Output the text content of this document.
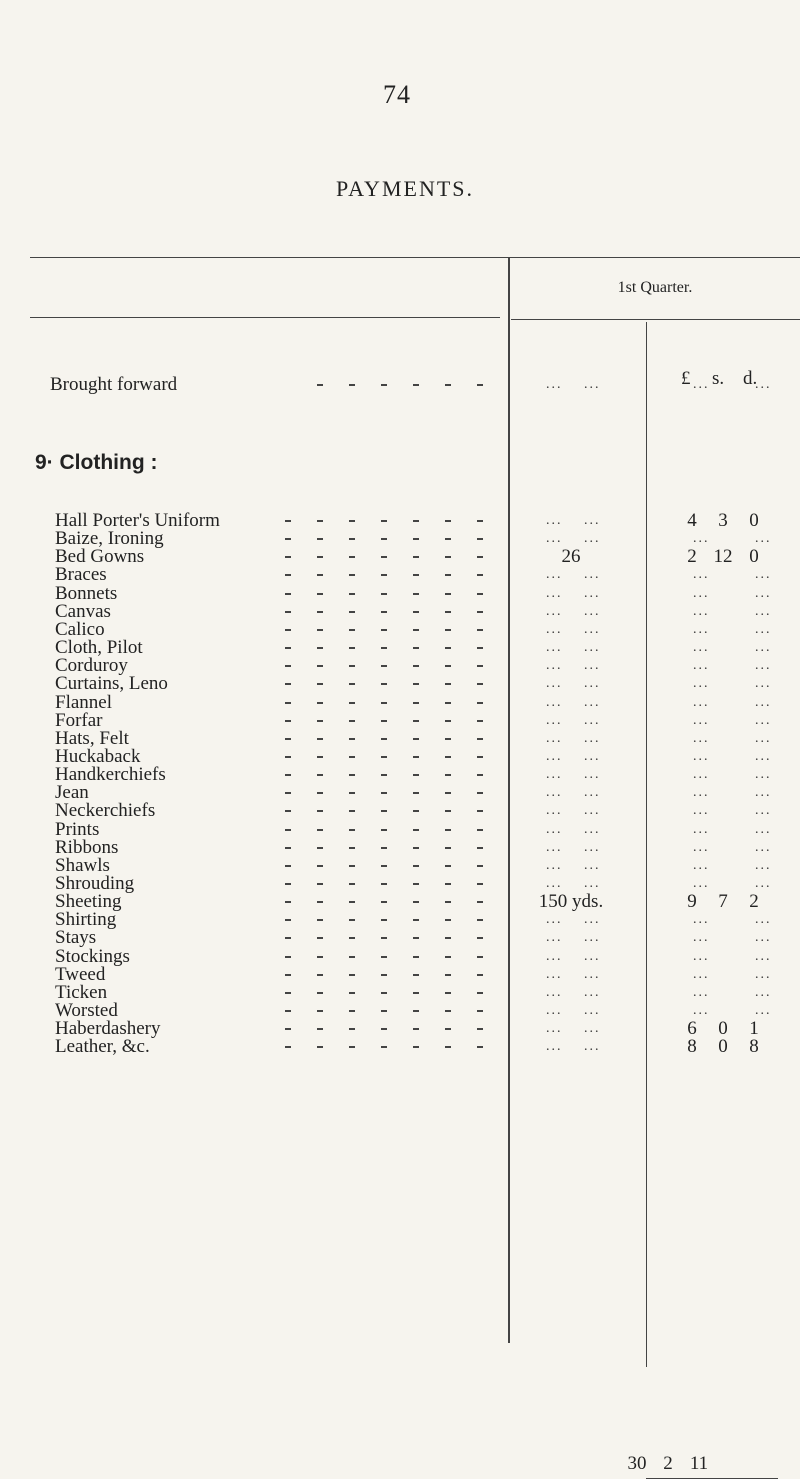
74
PAYMENTS.
1st Quarter.
£ s. d.
Brought forward	... ...	...	...
9· Clothing :
Hall Porter's Uniform	... ...	4	3	0
Baize, Ironing	... ...	...	...
Bed Gowns	26	2 12 0
Braces	... ...	...	...
Bonnets	... ...	...	...
Canvas	... ...	...	...
Calico	... ...	...	...
Cloth, Pilot	... ...	...	...
Corduroy	... ...	...	...
Curtains, Leno	... ...	...	...
Flannel	... ...	...	...
Forfar	... ...	...	...
Hats, Felt	... ...	...	...
Huckaback	... ...	...	...
Handkerchiefs	... ...	...	...
Jean	... ...	...	...
Neckerchiefs	... ...	...	...
Prints	... ...	...	...
Ribbons	... ...	...	...
Shawls	... ...	...	...
Shrouding	... ...	...	...
Sheeting	150 yds.	9	7	2
Shirting	... ...	...	...
Stays	... ...	...	...
Stockings	... ...	...	...
Tweed	... ...	...	...
Ticken	... ...	...	...
Worsted	... ...	...	...
Haberdashery	... ...	6	0	1
Leather, &c.	... ...	8	0	8
30 2 11
